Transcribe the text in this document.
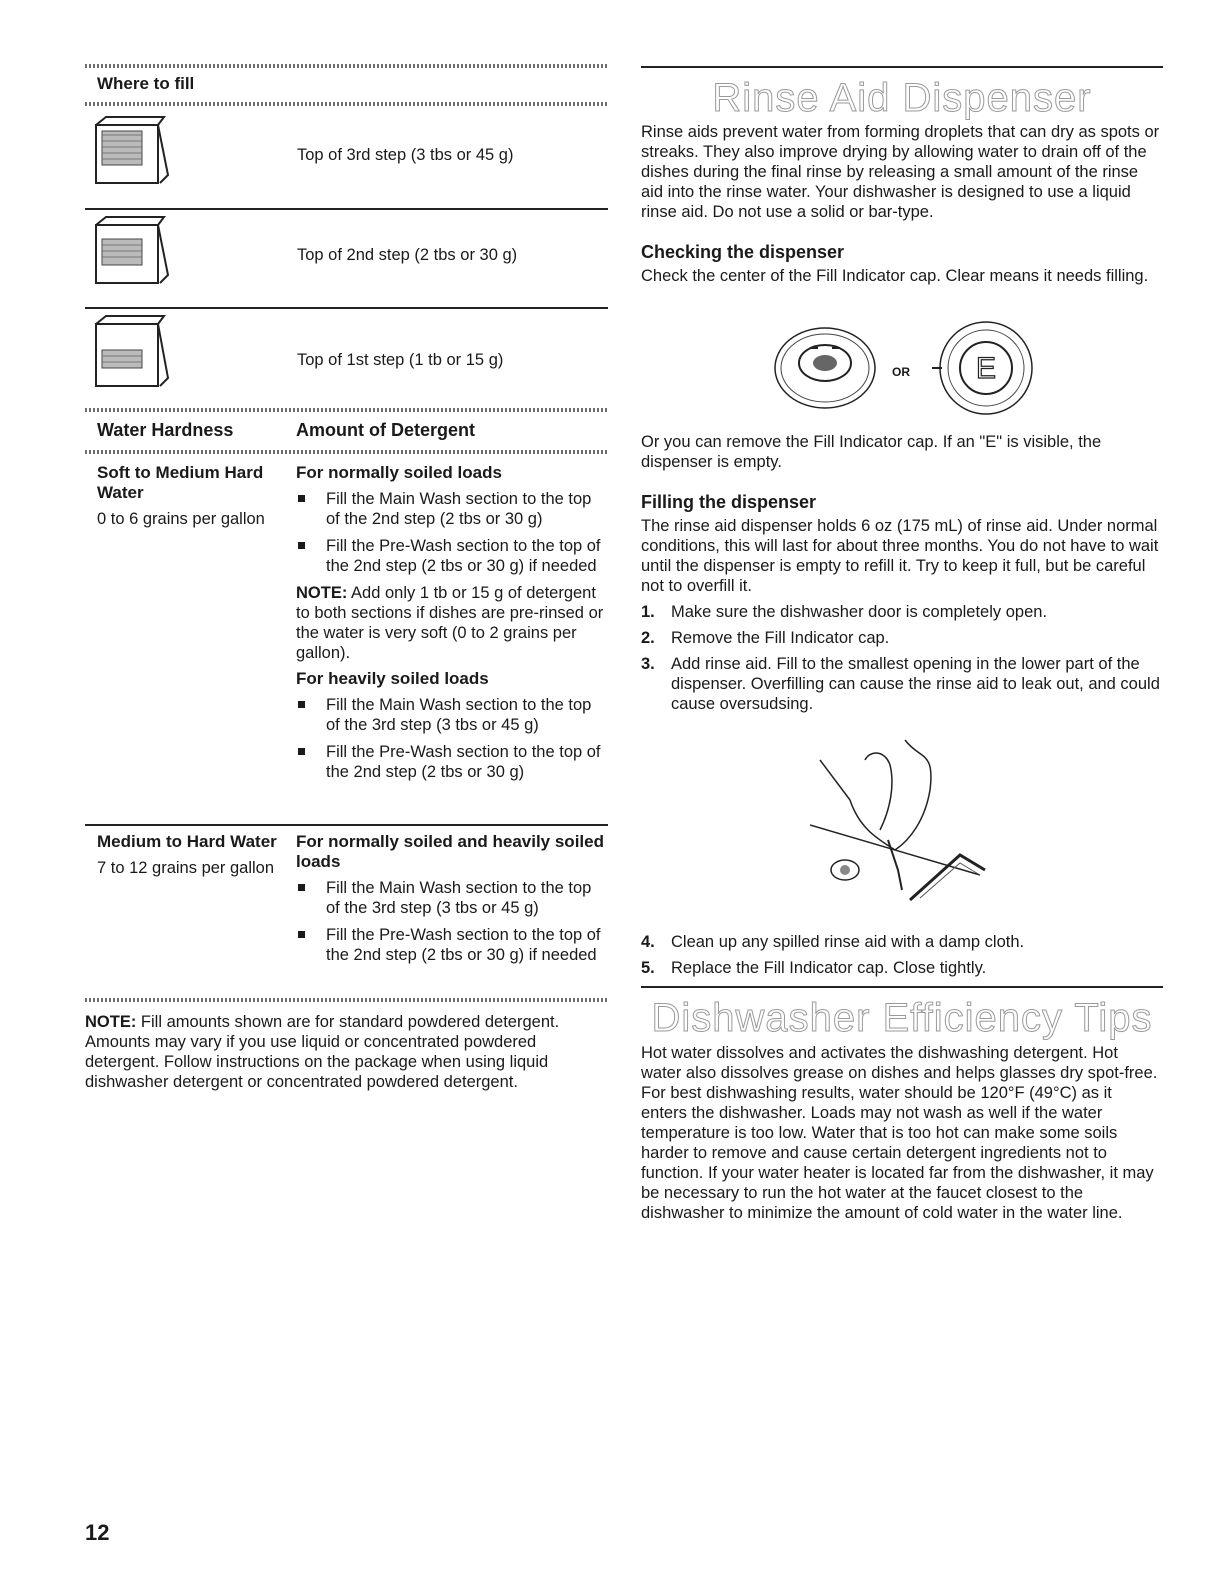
Where to fill
Top of 3rd step (3 tbs or 45 g)
Top of 2nd step (2 tbs or 30 g)
Top of 1st step (1 tb or 15 g)
Water Hardness	Amount of Detergent

Soft to Medium Hard Water

0 to 6 grains per gallon

For normally soiled loads

Fill the Main Wash section to the top of the 2nd step (2 tbs or 30 g)
Fill the Pre-Wash section to the top of the 2nd step (2 tbs or 30 g) if needed

NOTE: Add only 1 tb or 15 g of detergent to both sections if dishes are pre-rinsed or the water is very soft (0 to 2 grains per gallon).

For heavily soiled loads

Fill the Main Wash section to the top of the 3rd step (3 tbs or 45 g)
Fill the Pre-Wash section to the top of the 2nd step (2 tbs or 30 g)

Medium to Hard Water

7 to 12 grains per gallon

For normally soiled and heavily soiled loads

Fill the Main Wash section to the top of the 3rd step (3 tbs or 45 g)
Fill the Pre-Wash section to the top of the 2nd step (2 tbs or 30 g) if needed

NOTE: Fill amounts shown are for standard powdered detergent. Amounts may vary if you use liquid or concentrated powdered detergent. Follow instructions on the package when using liquid dishwasher detergent or concentrated powdered detergent.

12
Rinse Aid Dispenser

Rinse aids prevent water from forming droplets that can dry as spots or streaks. They also improve drying by allowing water to drain off of the dishes during the final rinse by releasing a small amount of the rinse aid into the rinse water. Your dishwasher is designed to use a liquid rinse aid. Do not use a solid or bar-type.

Checking the dispenser

Check the center of the Fill Indicator cap. Clear means it needs filling.

OR E

Or you can remove the Fill Indicator cap. If an "E" is visible, the dispenser is empty.

Filling the dispenser

The rinse aid dispenser holds 6 oz (175 mL) of rinse aid. Under normal conditions, this will last for about three months. You do not have to wait until the dispenser is empty to refill it. Try to keep it full, but be careful not to overfill it.

1. Make sure the dishwasher door is completely open.
2. Remove the Fill Indicator cap.
3. Add rinse aid. Fill to the smallest opening in the lower part of the dispenser. Overfilling can cause the rinse aid to leak out, and could cause oversudsing.
4. Clean up any spilled rinse aid with a damp cloth.
5. Replace the Fill Indicator cap. Close tightly.
Dishwasher Efficiency Tips

Hot water dissolves and activates the dishwashing detergent. Hot water also dissolves grease on dishes and helps glasses dry spot-free. For best dishwashing results, water should be 120°F (49°C) as it enters the dishwasher. Loads may not wash as well if the water temperature is too low. Water that is too hot can make some soils harder to remove and cause certain detergent ingredients not to function. If your water heater is located far from the dishwasher, it may be necessary to run the hot water at the faucet closest to the dishwasher to minimize the amount of cold water in the water line.
